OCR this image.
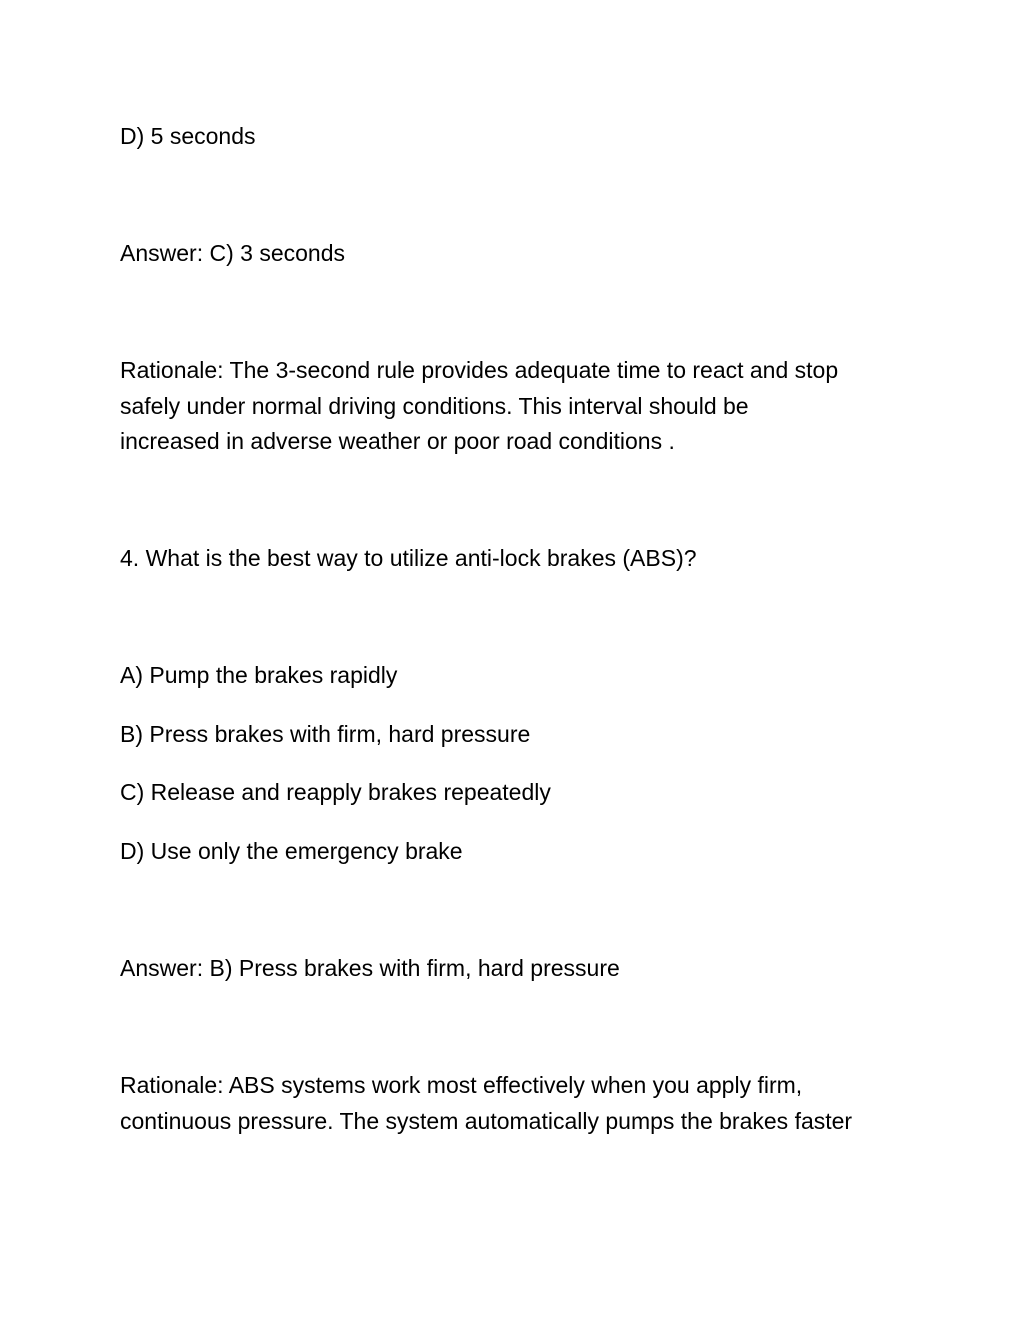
D) 5 seconds

Answer: C) 3 seconds

Rationale: The 3-second rule provides adequate time to react and stop
safely under normal driving conditions. This interval should be
increased in adverse weather or poor road conditions .

4. What is the best way to utilize anti-lock brakes (ABS)?

A) Pump the brakes rapidly

B) Press brakes with firm, hard pressure

C) Release and reapply brakes repeatedly

D) Use only the emergency brake

Answer: B) Press brakes with firm, hard pressure

Rationale: ABS systems work most effectively when you apply firm,
continuous pressure. The system automatically pumps the brakes faster
